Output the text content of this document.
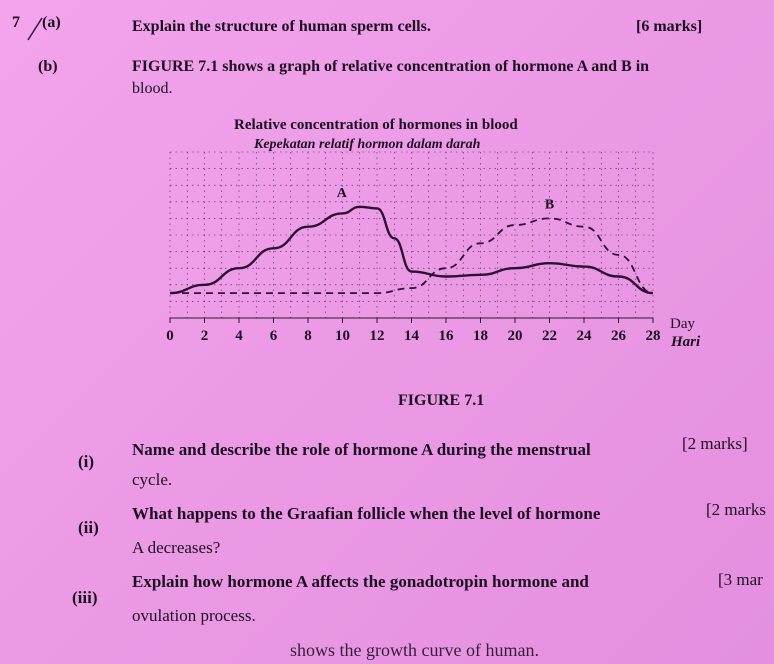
7 (a)	Explain the structure of human sperm cells.	[6 marks]
(b)	FIGURE 7.1 shows a graph of relative concentration of hormone A and B in
blood.
Relative concentration of hormones in blood
Kepekatan relatif hormon dalam darah
A
B
0 2 4 6 8 10 12 14 16 18 20 22 24 26 28
Day
Hari
FIGURE 7.1
(i)
Name and describe the role of hormone A during the menstrual
cycle.
[2 marks]
(ii)
What happens to the Graafian follicle when the level of hormone
A decreases?
[2 marks
(iii)
Explain how hormone A affects the gonadotropin hormone and
ovulation process.
[3 mar
shows the growth curve of human.
